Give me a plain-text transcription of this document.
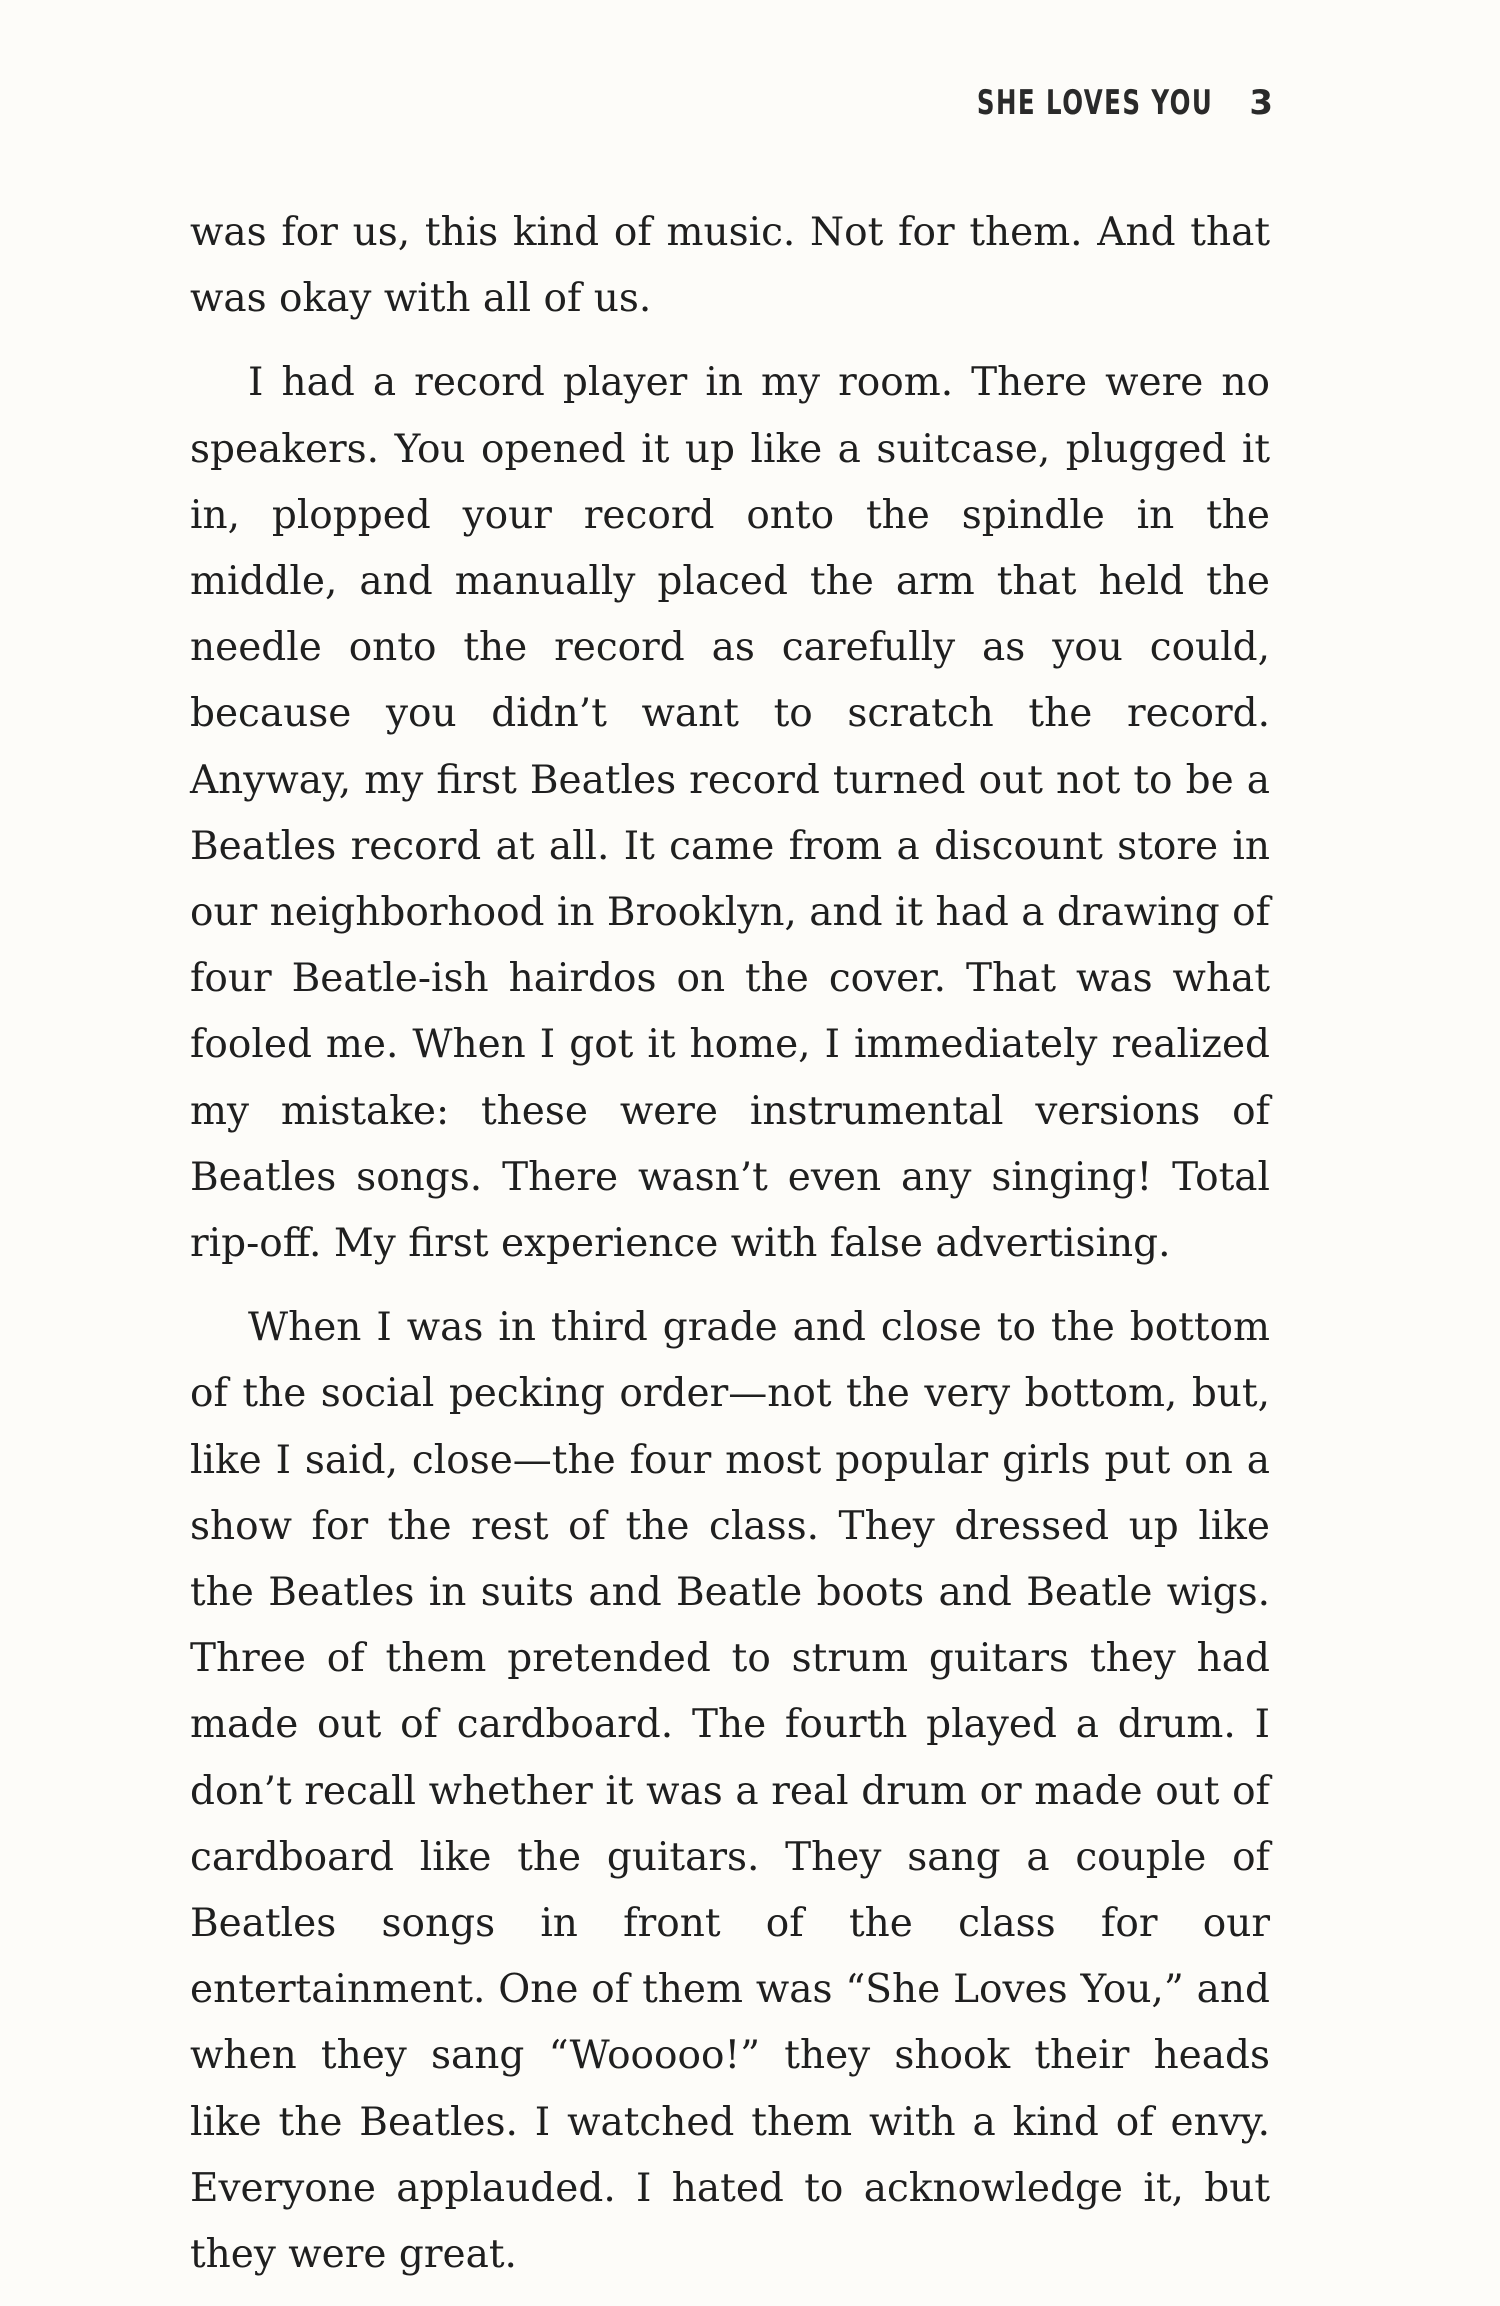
SHE LOVES YOU 3

was for us, this kind of music. Not for them. And that was okay with all of us.

I had a record player in my room. There were no speakers. You opened it up like a suitcase, plugged it in, plopped your record onto the spindle in the middle, and manually placed the arm that held the needle onto the record as carefully as you could, because you didn’t want to scratch the record. Anyway, my first Beatles record turned out not to be a Beatles record at all. It came from a discount store in our neighborhood in Brooklyn, and it had a drawing of four Beatle-ish hairdos on the cover. That was what fooled me. When I got it home, I immediately realized my mistake: these were instrumental versions of Beatles songs. There wasn’t even any singing! Total rip-off. My first experience with false advertising.

When I was in third grade and close to the bottom of the social pecking order—not the very bottom, but, like I said, close—the four most popular girls put on a show for the rest of the class. They dressed up like the Beatles in suits and Beatle boots and Beatle wigs. Three of them pretended to strum guitars they had made out of cardboard. The fourth played a drum. I don’t recall whether it was a real drum or made out of cardboard like the guitars. They sang a couple of Beatles songs in front of the class for our entertainment. One of them was “She Loves You,” and when they sang “Wooooo!” they shook their heads like the Beatles. I watched them with a kind of envy. Everyone applauded. I hated to acknowledge it, but they were great.
